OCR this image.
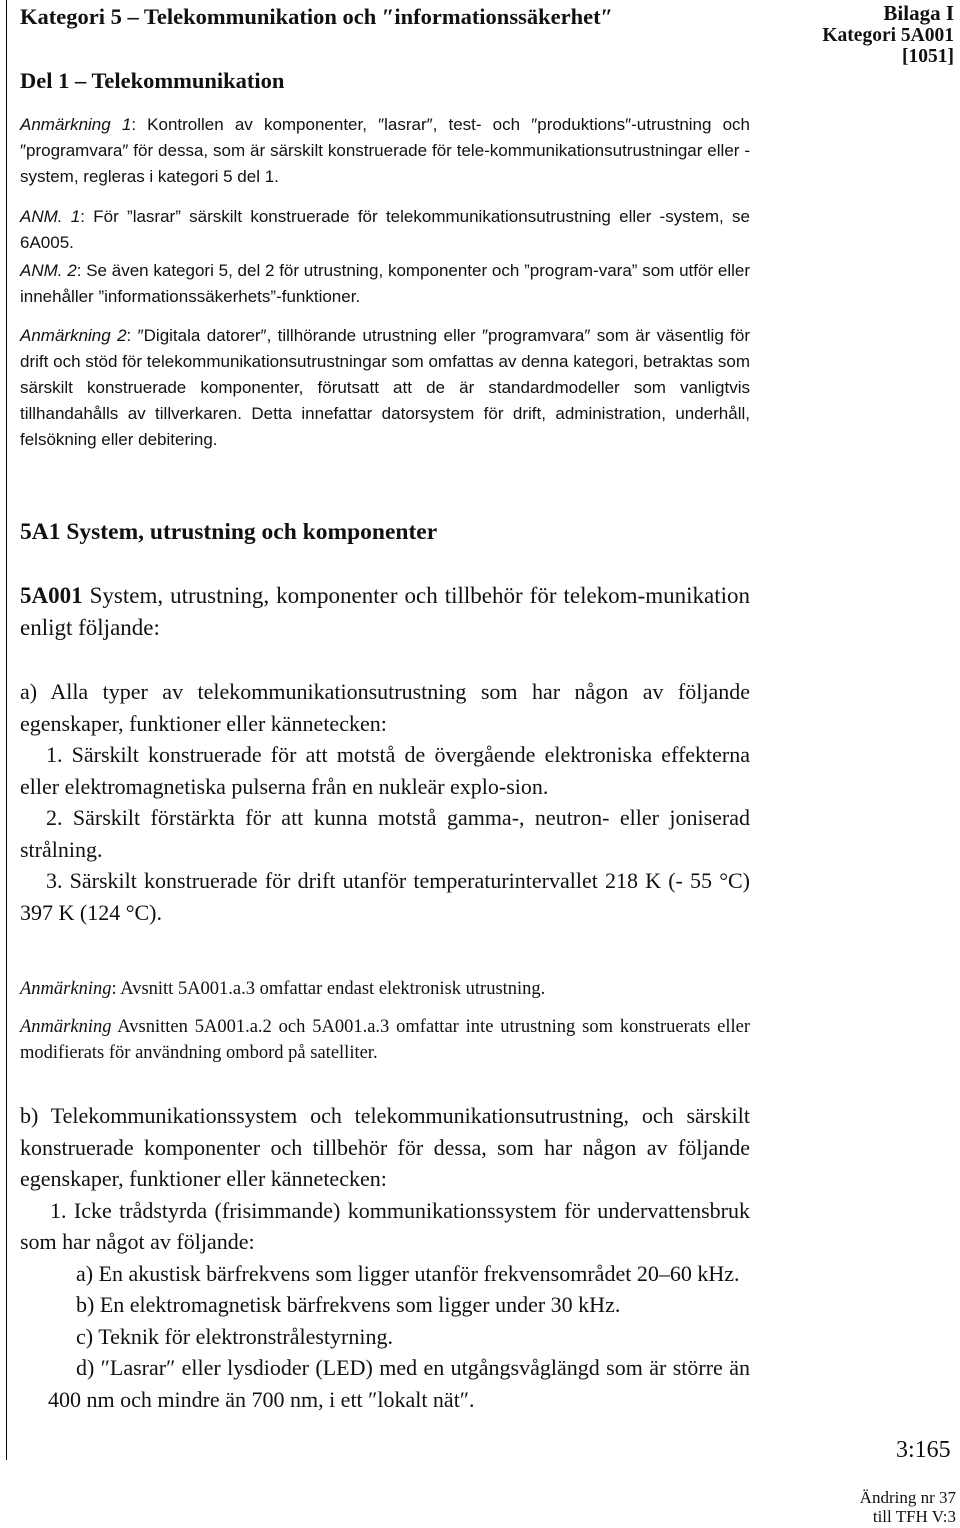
Kategori 5 – Telekommunikation och ″informationssäkerhet″	Bilaga I
Kategori 5A001
[1051]
Del 1 – Telekommunikation
Anmärkning 1: Kontrollen av komponenter, ″lasrar″, test- och ″produktions″-utrustning och ″programvara″ för dessa, som är särskilt konstruerade för tele-kommunikationsutrustningar eller -system, regleras i kategori 5 del 1.
ANM. 1: För ”lasrar” särskilt konstruerade för telekommunikationsutrustning eller -system, se 6A005.
ANM. 2: Se även kategori 5, del 2 för utrustning, komponenter och ”program-vara” som utför eller innehåller ”informationssäkerhets”-funktioner.
Anmärkning 2: ″Digitala datorer″, tillhörande utrustning eller ″programvara″ som är väsentlig för drift och stöd för telekommunikationsutrustningar som omfattas av denna kategori, betraktas som särskilt konstruerade komponenter, förutsatt att de är standardmodeller som vanligtvis tillhandahålls av tillverkaren. Detta innefattar datorsystem för drift, administration, underhåll, felsökning eller debitering.
5A1 System, utrustning och komponenter
5A001 System, utrustning, komponenter och tillbehör för telekom-munikation enligt följande:

a) Alla typer av telekommunikationsutrustning som har någon av följande egenskaper, funktioner eller kännetecken:

1. Särskilt konstruerade för att motstå de övergående elektroniska effekterna eller elektromagnetiska pulserna från en nukleär explo-sion.

2. Särskilt förstärkta för att kunna motstå gamma-, neutron- eller joniserad strålning.

3. Särskilt konstruerade för drift utanför temperaturintervallet 218 K (- 55 °C) 397 K (124 °C).

Anmärkning: Avsnitt 5A001.a.3 omfattar endast elektronisk utrustning.
Anmärkning Avsnitten 5A001.a.2 och 5A001.a.3 omfattar inte utrustning som konstruerats eller modifierats för användning ombord på satelliter.

b) Telekommunikationssystem och telekommunikationsutrustning, och särskilt konstruerade komponenter och tillbehör för dessa, som har någon av följande egenskaper, funktioner eller kännetecken:

1. Icke trådstyrda (frisimmande) kommunikationssystem för undervattensbruk som har något av följande:

a) En akustisk bärfrekvens som ligger utanför frekvensområdet 20–60 kHz.

b) En elektromagnetisk bärfrekvens som ligger under 30 kHz.

c) Teknik för elektronstrålestyrning.

d) ″Lasrar″ eller lysdioder (LED) med en utgångsvåglängd som är större än 400 nm och mindre än 700 nm, i ett ″lokalt nät″.

3:165
Ändring nr 37
till TFH V:3
